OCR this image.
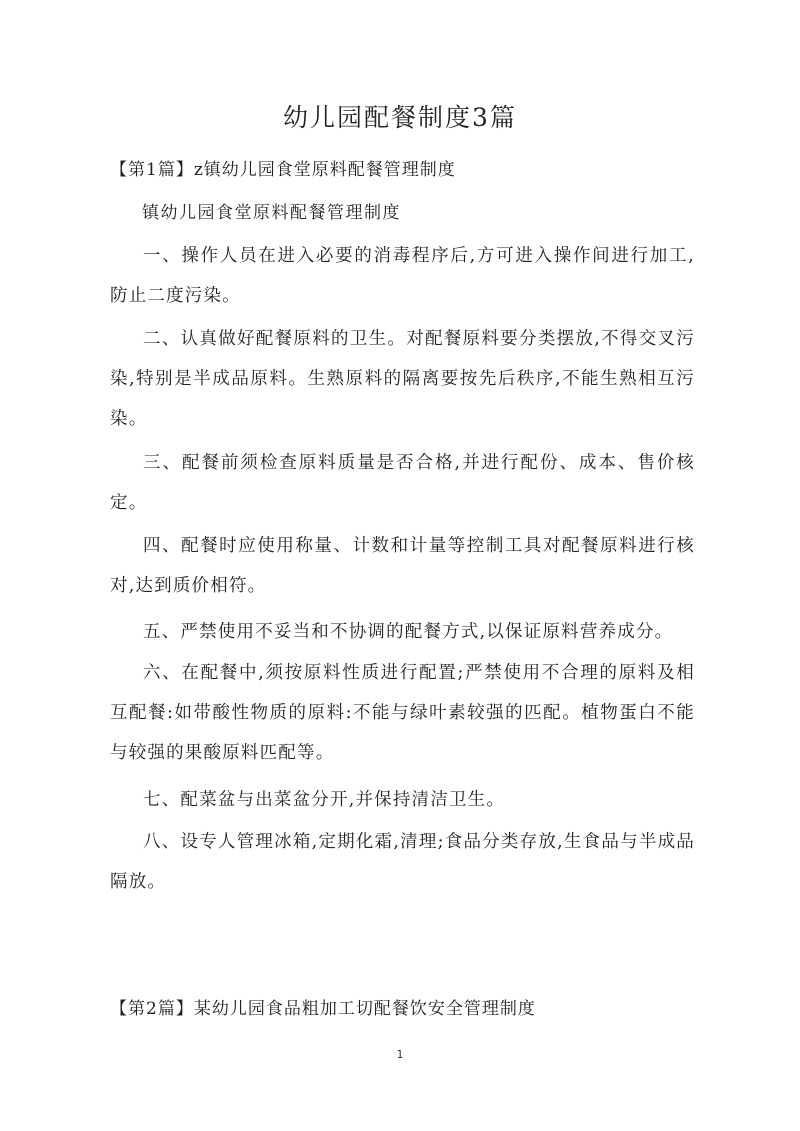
幼儿园配餐制度3篇

【第1篇】z镇幼儿园食堂原料配餐管理制度

镇幼儿园食堂原料配餐管理制度

一、操作人员在进入必要的消毒程序后,方可进入操作间进行加工,防止二度污染。

二、认真做好配餐原料的卫生。对配餐原料要分类摆放,不得交叉污染,特别是半成品原料。生熟原料的隔离要按先后秩序,不能生熟相互污染。

三、配餐前须检查原料质量是否合格,并进行配份、成本、售价核定。

四、配餐时应使用称量、计数和计量等控制工具对配餐原料进行核对,达到质价相符。

五、严禁使用不妥当和不协调的配餐方式,以保证原料营养成分。

六、在配餐中,须按原料性质进行配置;严禁使用不合理的原料及相互配餐:如带酸性物质的原料:不能与绿叶素较强的匹配。植物蛋白不能与较强的果酸原料匹配等。

七、配菜盆与出菜盆分开,并保持清洁卫生。

八、设专人管理冰箱,定期化霜,清理;食品分类存放,生食品与半成品隔放。

【第2篇】某幼儿园食品粗加工切配餐饮安全管理制度

1
